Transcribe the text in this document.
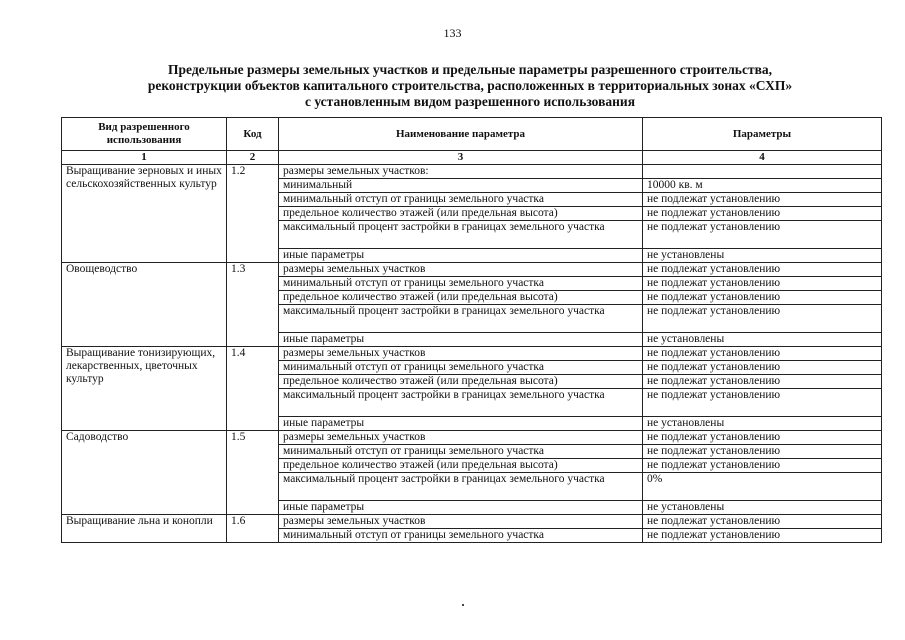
133
Предельные размеры земельных участков и предельные параметры разрешенного строительства,
реконструкции объектов капитального строительства, расположенных в территориальных зонах «СХП»
с установленным видом разрешенного использования
Вид разрешенного использования	Код	Наименование параметра	Параметры
1	2	3	4
Выращивание зерновых и иных сельскохозяйственных культур	1.2	размеры земельных участков:	
		минимальный	10000 кв. м
		минимальный отступ от границы земельного участка	не подлежат установлению
		предельное количество этажей (или предельная высота)	не подлежат установлению
		максимальный процент застройки в границах земельного участка	не подлежат установлению
		иные параметры	не установлены
Овощеводство	1.3	размеры земельных участков	не подлежат установлению
		минимальный отступ от границы земельного участка	не подлежат установлению
		предельное количество этажей (или предельная высота)	не подлежат установлению
		максимальный процент застройки в границах земельного участка	не подлежат установлению
		иные параметры	не установлены
Выращивание тонизирующих, лекарственных, цветочных культур	1.4	размеры земельных участков	не подлежат установлению
		минимальный отступ от границы земельного участка	не подлежат установлению
		предельное количество этажей (или предельная высота)	не подлежат установлению
		максимальный процент застройки в границах земельного участка	не подлежат установлению
		иные параметры	не установлены
Садоводство	1.5	размеры земельных участков	не подлежат установлению
		минимальный отступ от границы земельного участка	не подлежат установлению
		предельное количество этажей (или предельная высота)	не подлежат установлению
		максимальный процент застройки в границах земельного участка	0%
		иные параметры	не установлены
Выращивание льна и конопли	1.6	размеры земельных участков	не подлежат установлению
		минимальный отступ от границы земельного участка	не подлежат установлению
